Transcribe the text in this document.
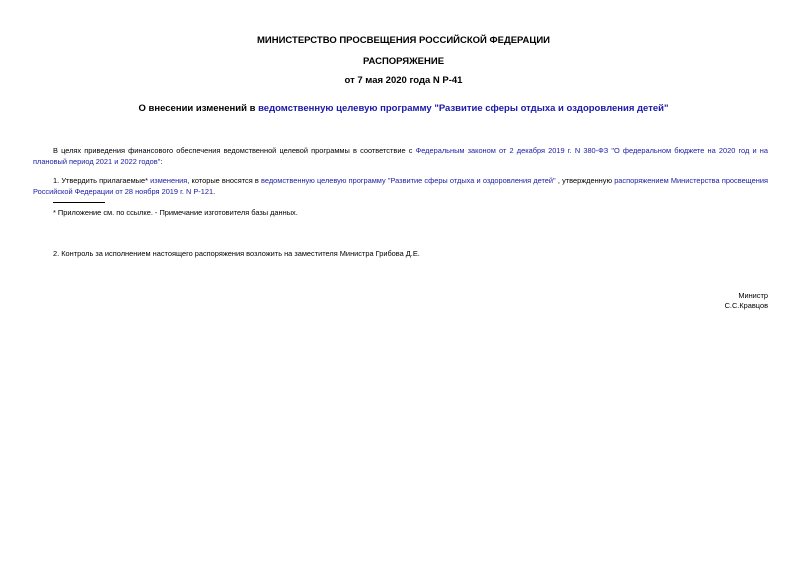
МИНИСТЕРСТВО ПРОСВЕЩЕНИЯ РОССИЙСКОЙ ФЕДЕРАЦИИ
РАСПОРЯЖЕНИЕ
от 7 мая 2020 года N Р-41
О внесении изменений в ведомственную целевую программу "Развитие сферы отдыха и оздоровления детей"
В целях приведения финансового обеспечения ведомственной целевой программы в соответствие с Федеральным законом от 2 декабря 2019 г. N 380-ФЗ "О федеральном бюджете на 2020 год и на плановый период 2021 и 2022 годов":
1. Утвердить прилагаемые* изменения, которые вносятся в ведомственную целевую программу "Развитие сферы отдыха и оздоровления детей" , утвержденную распоряжением Министерства просвещения Российской Федерации от 28 ноября 2019 г. N Р-121.
* Приложение см. по ссылке. - Примечание изготовителя базы данных.
2. Контроль за исполнением настоящего распоряжения возложить на заместителя Министра Грибова Д.Е.
Министр
С.С.Кравцов
